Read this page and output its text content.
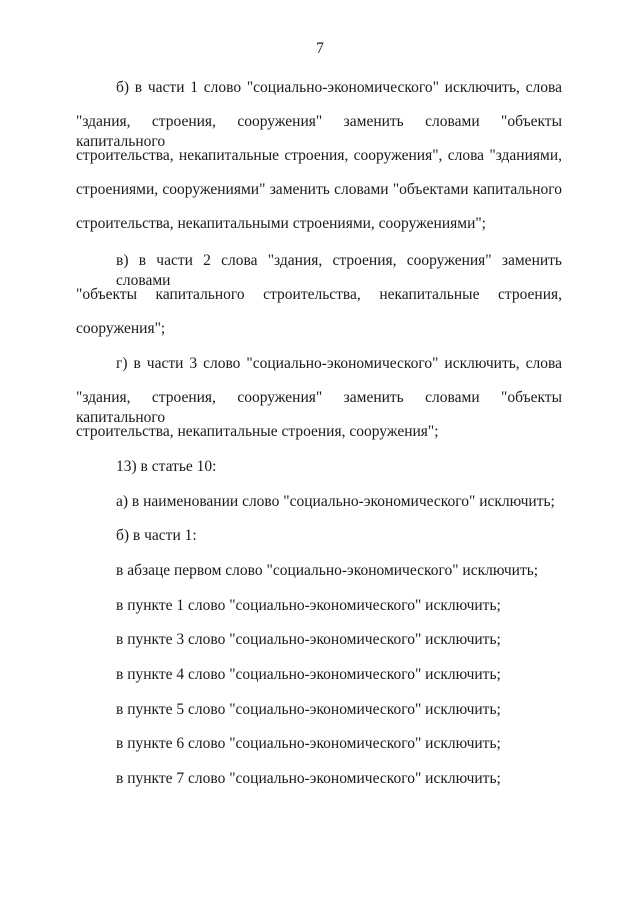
7
б) в части 1 слово "социально-экономического" исключить, слова
"здания, строения, сооружения" заменить словами "объекты капитального
строительства, некапитальные строения, сооружения", слова "зданиями,
строениями, сооружениями" заменить словами "объектами капитального
строительства, некапитальными строениями, сооружениями";
в) в части 2 слова "здания, строения, сооружения" заменить словами
"объекты капитального строительства, некапитальные строения,
сооружения";
г) в части 3 слово "социально-экономического" исключить, слова
"здания, строения, сооружения" заменить словами "объекты капитального
строительства, некапитальные строения, сооружения";
13) в статье 10:
а) в наименовании слово "социально-экономического" исключить;
б) в части 1:
в абзаце первом слово "социально-экономического" исключить;
в пункте 1 слово "социально-экономического" исключить;
в пункте 3 слово "социально-экономического" исключить;
в пункте 4 слово "социально-экономического" исключить;
в пункте 5 слово "социально-экономического" исключить;
в пункте 6 слово "социально-экономического" исключить;
в пункте 7 слово "социально-экономического" исключить;
